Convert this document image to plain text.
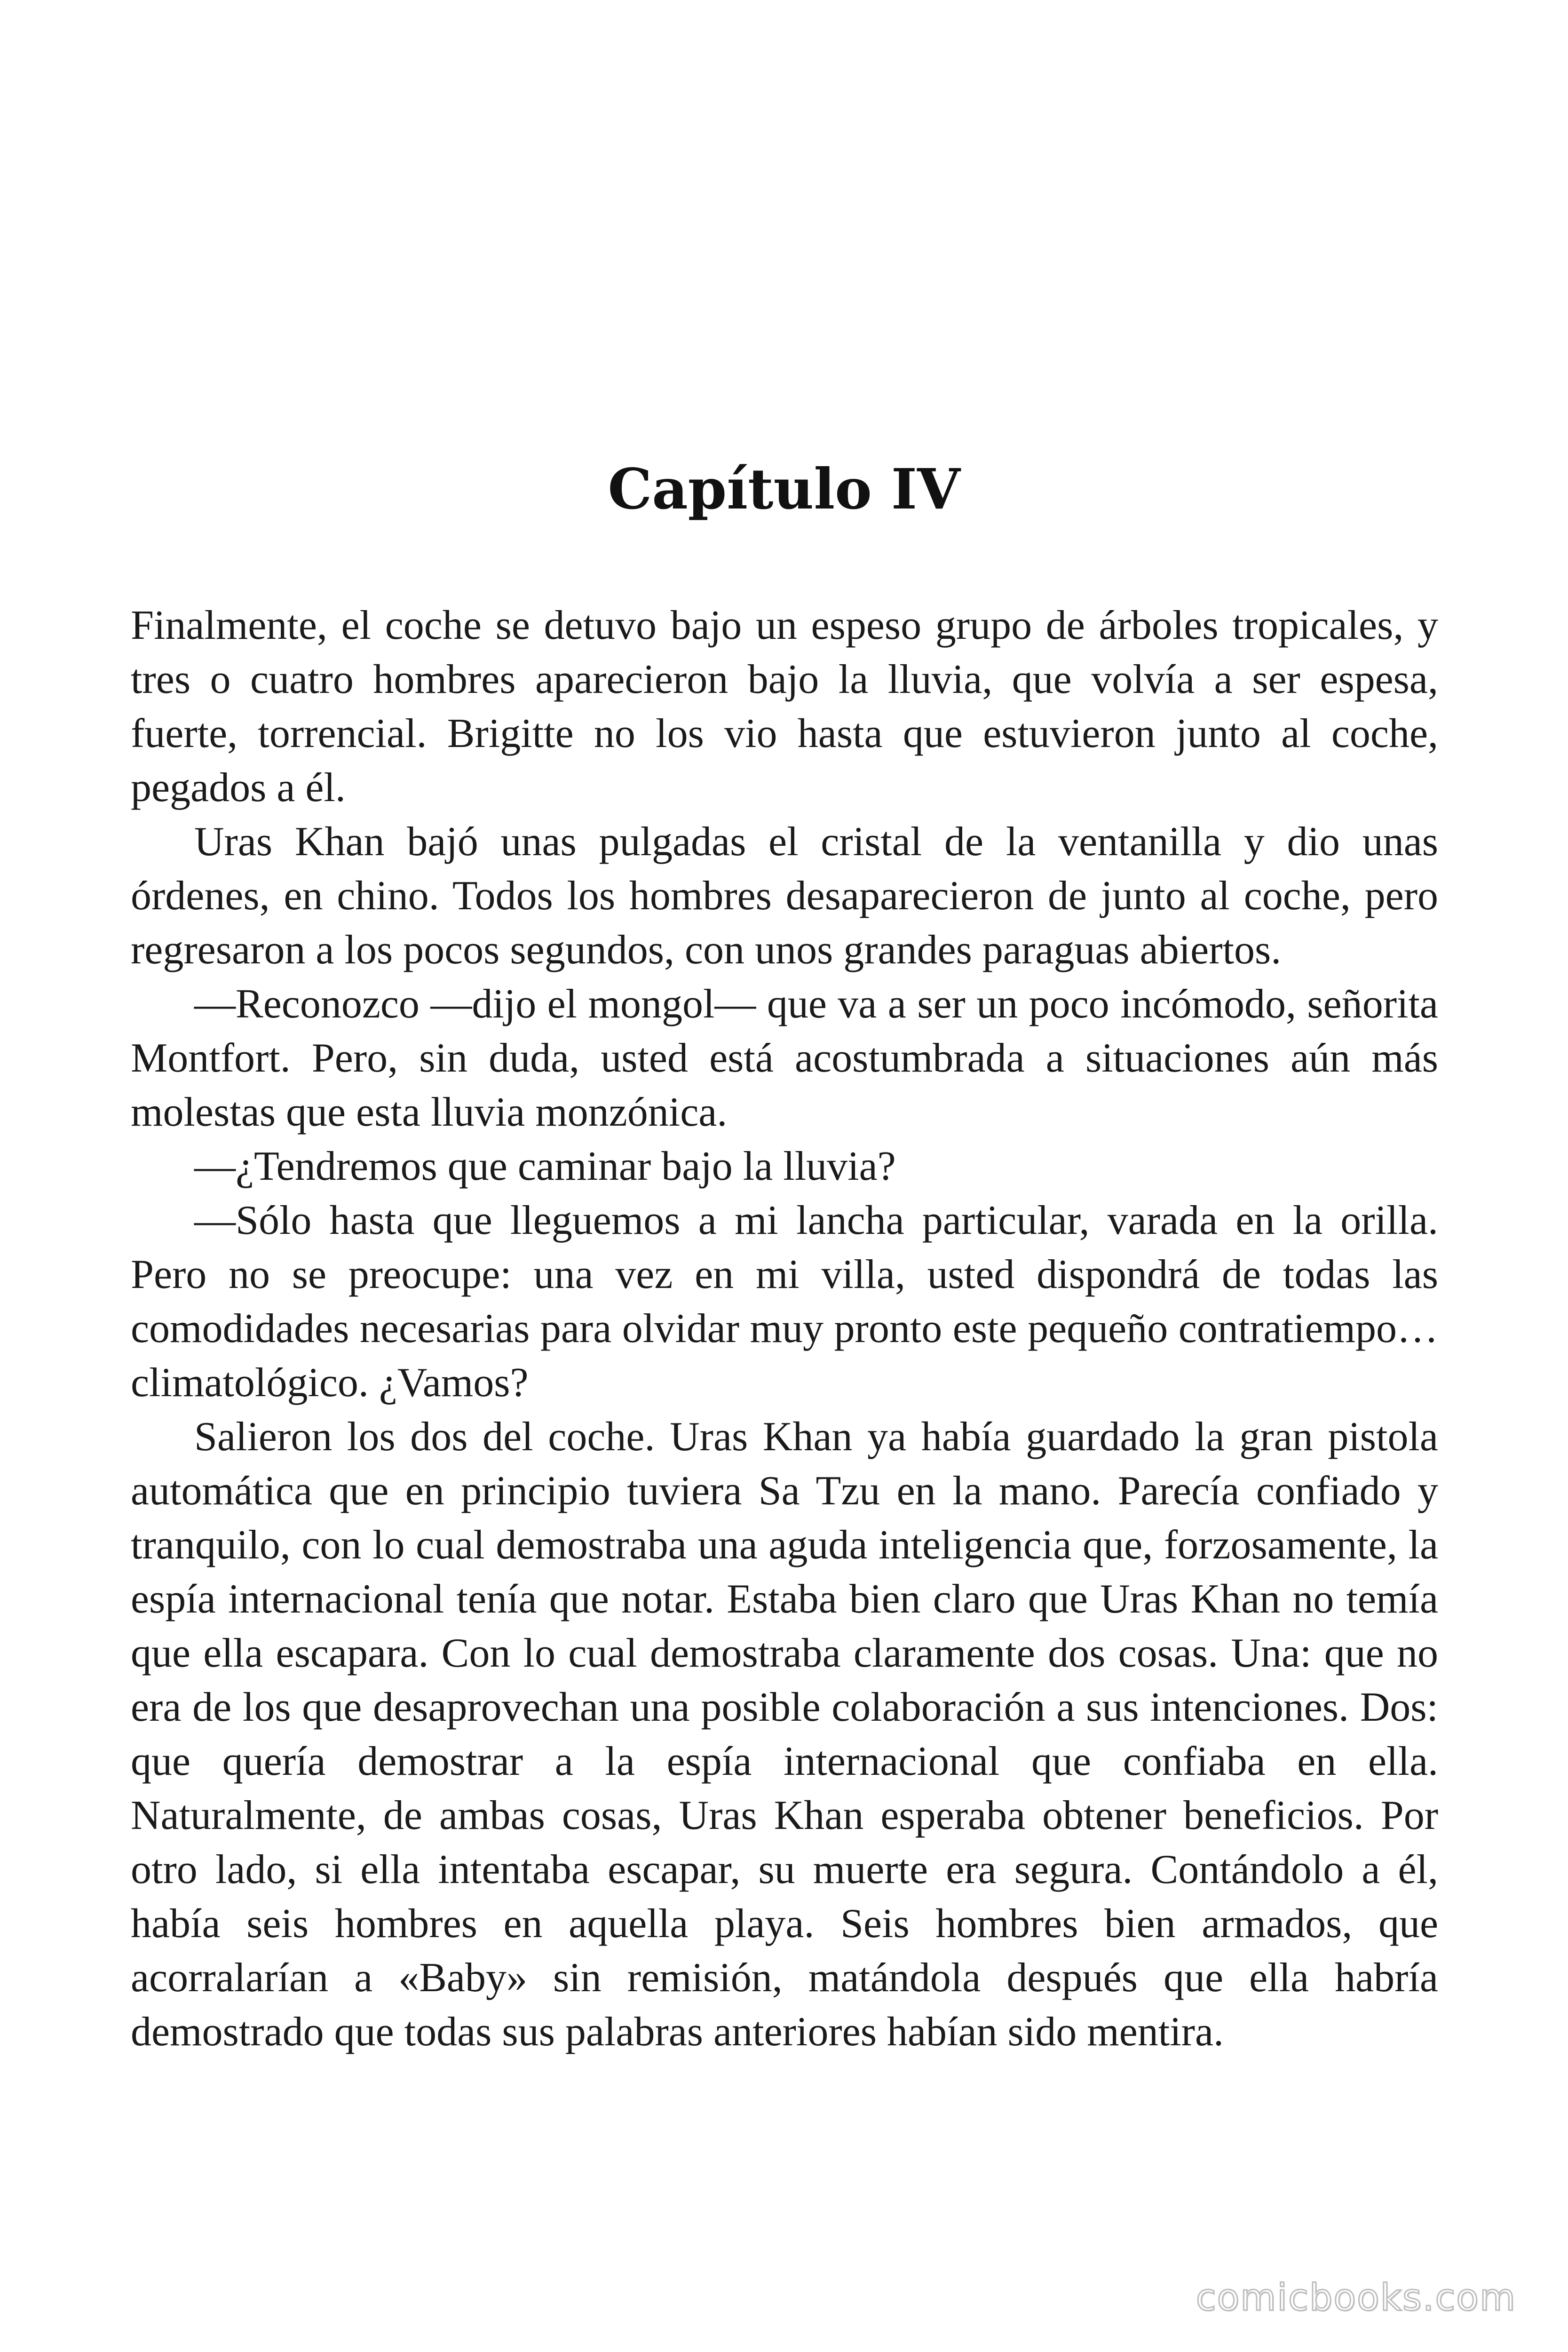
Capítulo IV

Finalmente, el coche se detuvo bajo un espeso grupo de árboles tropicales, y tres o cuatro hombres aparecieron bajo la lluvia, que volvía a ser espesa, fuerte, torrencial. Brigitte no los vio hasta que estuvieron junto al coche, pegados a él.

Uras Khan bajó unas pulgadas el cristal de la ventanilla y dio unas órdenes, en chino. Todos los hombres desaparecieron de junto al coche, pero regresaron a los pocos segundos, con unos grandes paraguas abiertos.

—Reconozco —dijo el mongol— que va a ser un poco incómodo, señorita Montfort. Pero, sin duda, usted está acostumbrada a situaciones aún más molestas que esta lluvia monzónica.

—¿Tendremos que caminar bajo la lluvia?

—Sólo hasta que lleguemos a mi lancha particular, varada en la orilla. Pero no se preocupe: una vez en mi villa, usted dispondrá de todas las comodidades necesarias para olvidar muy pronto este pequeño contratiempo… climatológico. ¿Vamos?

Salieron los dos del coche. Uras Khan ya había guardado la gran pistola automática que en principio tuviera Sa Tzu en la mano. Parecía confiado y tranquilo, con lo cual demostraba una aguda inteligencia que, forzosamente, la espía internacional tenía que notar. Estaba bien claro que Uras Khan no temía que ella escapara. Con lo cual demostraba claramente dos cosas. Una: que no era de los que desaprovechan una posible colaboración a sus intenciones. Dos: que quería demostrar a la espía internacional que confiaba en ella. Naturalmente, de ambas cosas, Uras Khan esperaba obtener beneficios. Por otro lado, si ella intentaba escapar, su muerte era segura. Contándolo a él, había seis hombres en aquella playa. Seis hombres bien armados, que acorralarían a «Baby» sin remisión, matándola después que ella habría demostrado que todas sus palabras anteriores habían sido mentira.

comicbooks.com
